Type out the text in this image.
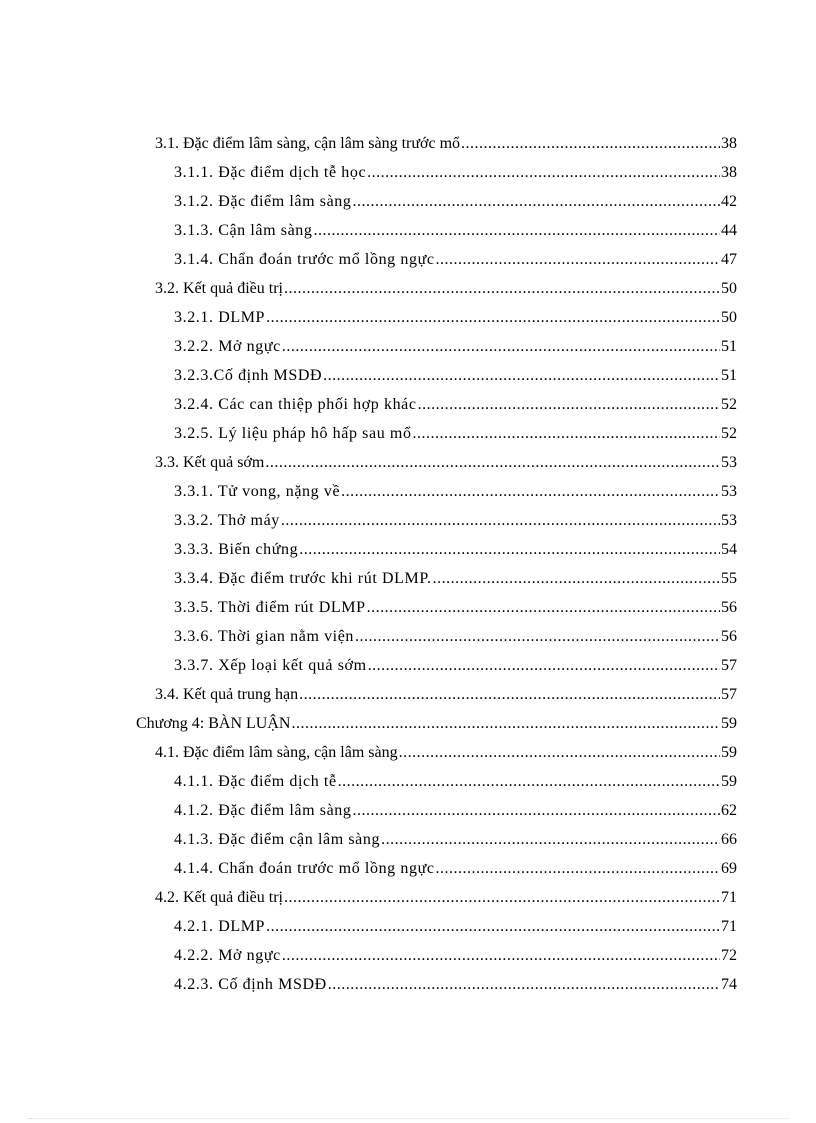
3.1. Đặc điểm lâm sàng, cận lâm sàng trước mổ .....	38
3.1.1. Đặc điểm dịch tễ học .....	38
3.1.2. Đặc điểm lâm sàng .....	42
3.1.3. Cận lâm sàng .....	44
3.1.4. Chẩn đoán trước mổ lồng ngực .....	47
3.2. Kết quả điều trị .....	50
3.2.1. DLMP .....	50
3.2.2. Mở ngực .....	51
3.2.3.Cố định MSDĐ .....	51
3.2.4. Các can thiệp phối hợp khác .....	52
3.2.5. Lý liệu pháp hô hấp sau mổ .....	52
3.3. Kết quả sớm .....	53
3.3.1. Tử vong, nặng về .....	53
3.3.2. Thở máy .....	53
3.3.3. Biến chứng .....	54
3.3.4. Đặc điểm trước khi rút DLMP. .....	55
3.3.5. Thời điểm rút DLMP .....	56
3.3.6. Thời gian nằm viện .....	56
3.3.7. Xếp loại kết quả sớm .....	57
3.4. Kết quả trung hạn .....	57
Chương 4: BÀN LUẬN .....	59
4.1. Đặc điểm lâm sàng, cận lâm sàng .....	59
4.1.1. Đặc điểm dịch tễ .....	59
4.1.2. Đặc điểm lâm sàng .....	62
4.1.3. Đặc điểm cận lâm sàng .....	66
4.1.4. Chẩn đoán trước mổ lồng ngực .....	69
4.2. Kết quả điều trị .....	71
4.2.1. DLMP .....	71
4.2.2. Mở ngực .....	72
4.2.3. Cố định MSDĐ .....	74
